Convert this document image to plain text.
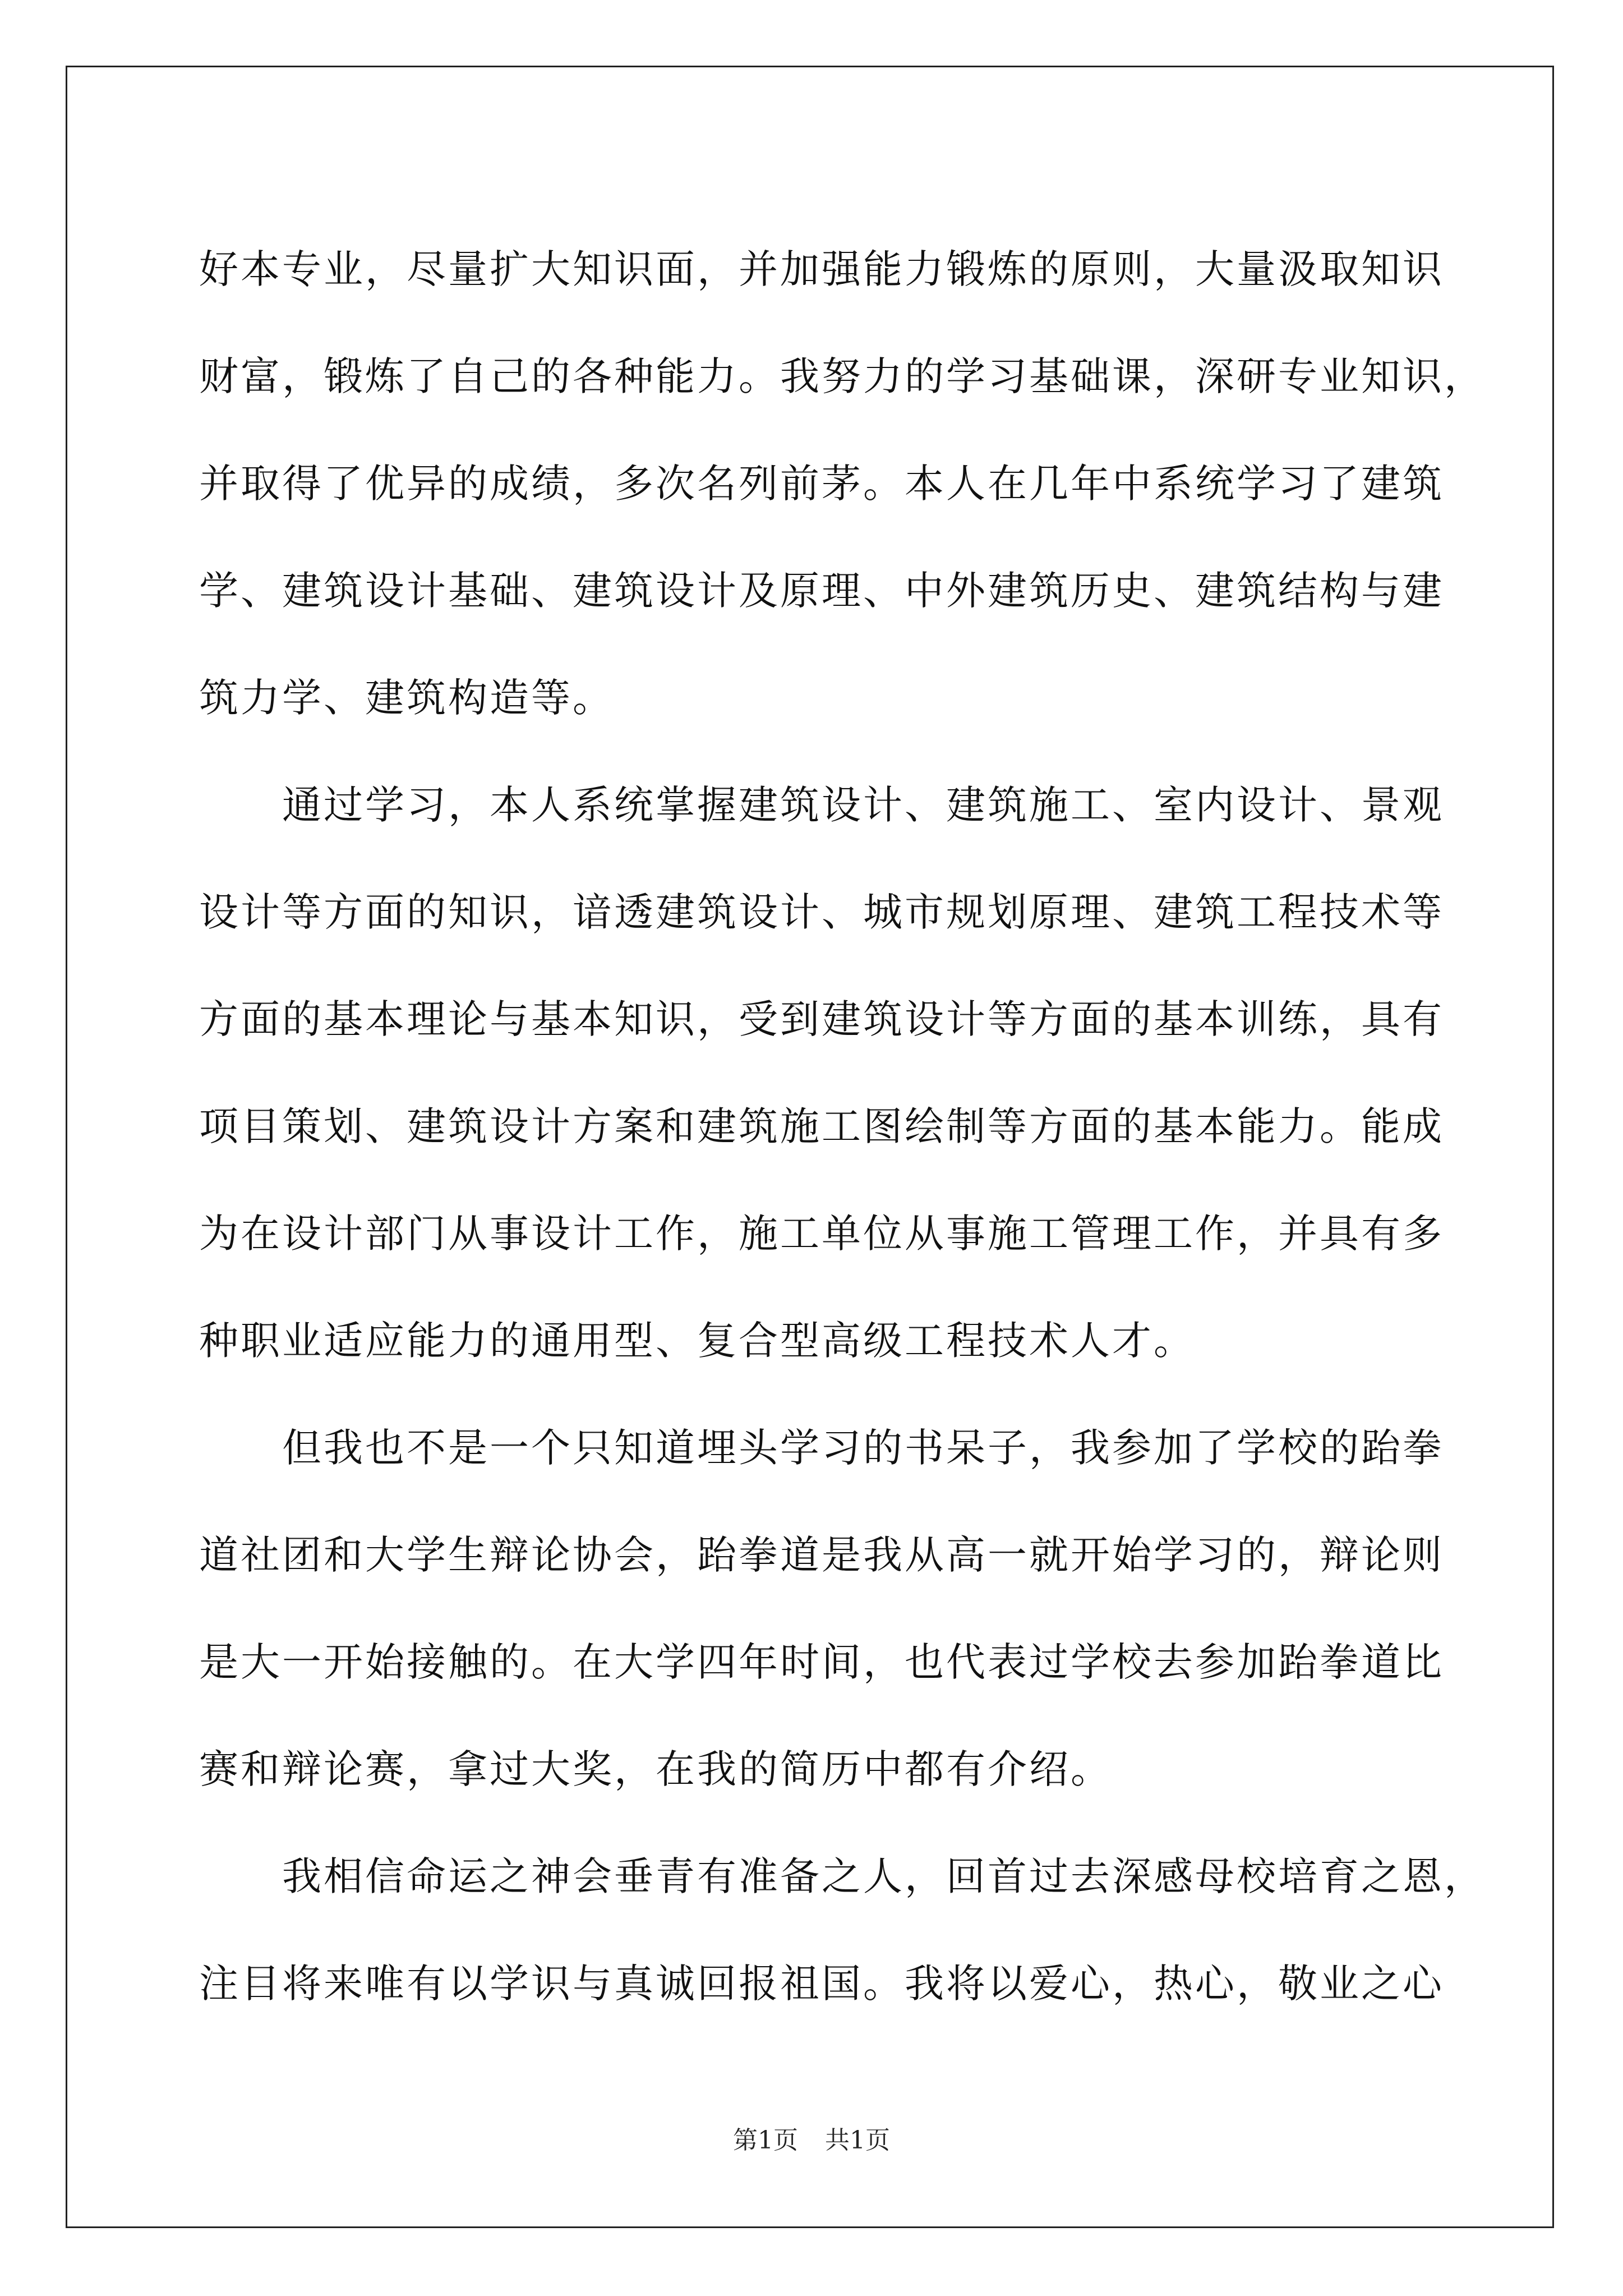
好本专业，尽量扩大知识面，并加强能力锻炼的原则，大量汲取知识
财富，锻炼了自己的各种能力。我努力的学习基础课，深研专业知识，
并取得了优异的成绩，多次名列前茅。本人在几年中系统学习了建筑
学、建筑设计基础、建筑设计及原理、中外建筑历史、建筑结构与建
筑力学、建筑构造等。

通过学习，本人系统掌握建筑设计、建筑施工、室内设计、景观
设计等方面的知识，谙透建筑设计、城市规划原理、建筑工程技术等
方面的基本理论与基本知识，受到建筑设计等方面的基本训练，具有
项目策划、建筑设计方案和建筑施工图绘制等方面的基本能力。能成
为在设计部门从事设计工作，施工单位从事施工管理工作，并具有多
种职业适应能力的通用型、复合型高级工程技术人才。

但我也不是一个只知道埋头学习的书呆子，我参加了学校的跆拳
道社团和大学生辩论协会，跆拳道是我从高一就开始学习的，辩论则
是大一开始接触的。在大学四年时间，也代表过学校去参加跆拳道比
赛和辩论赛，拿过大奖，在我的简历中都有介绍。

我相信命运之神会垂青有准备之人，回首过去深感母校培育之恩，
注目将来唯有以学识与真诚回报祖国。我将以爱心，热心，敬业之心

第1页 共1页
